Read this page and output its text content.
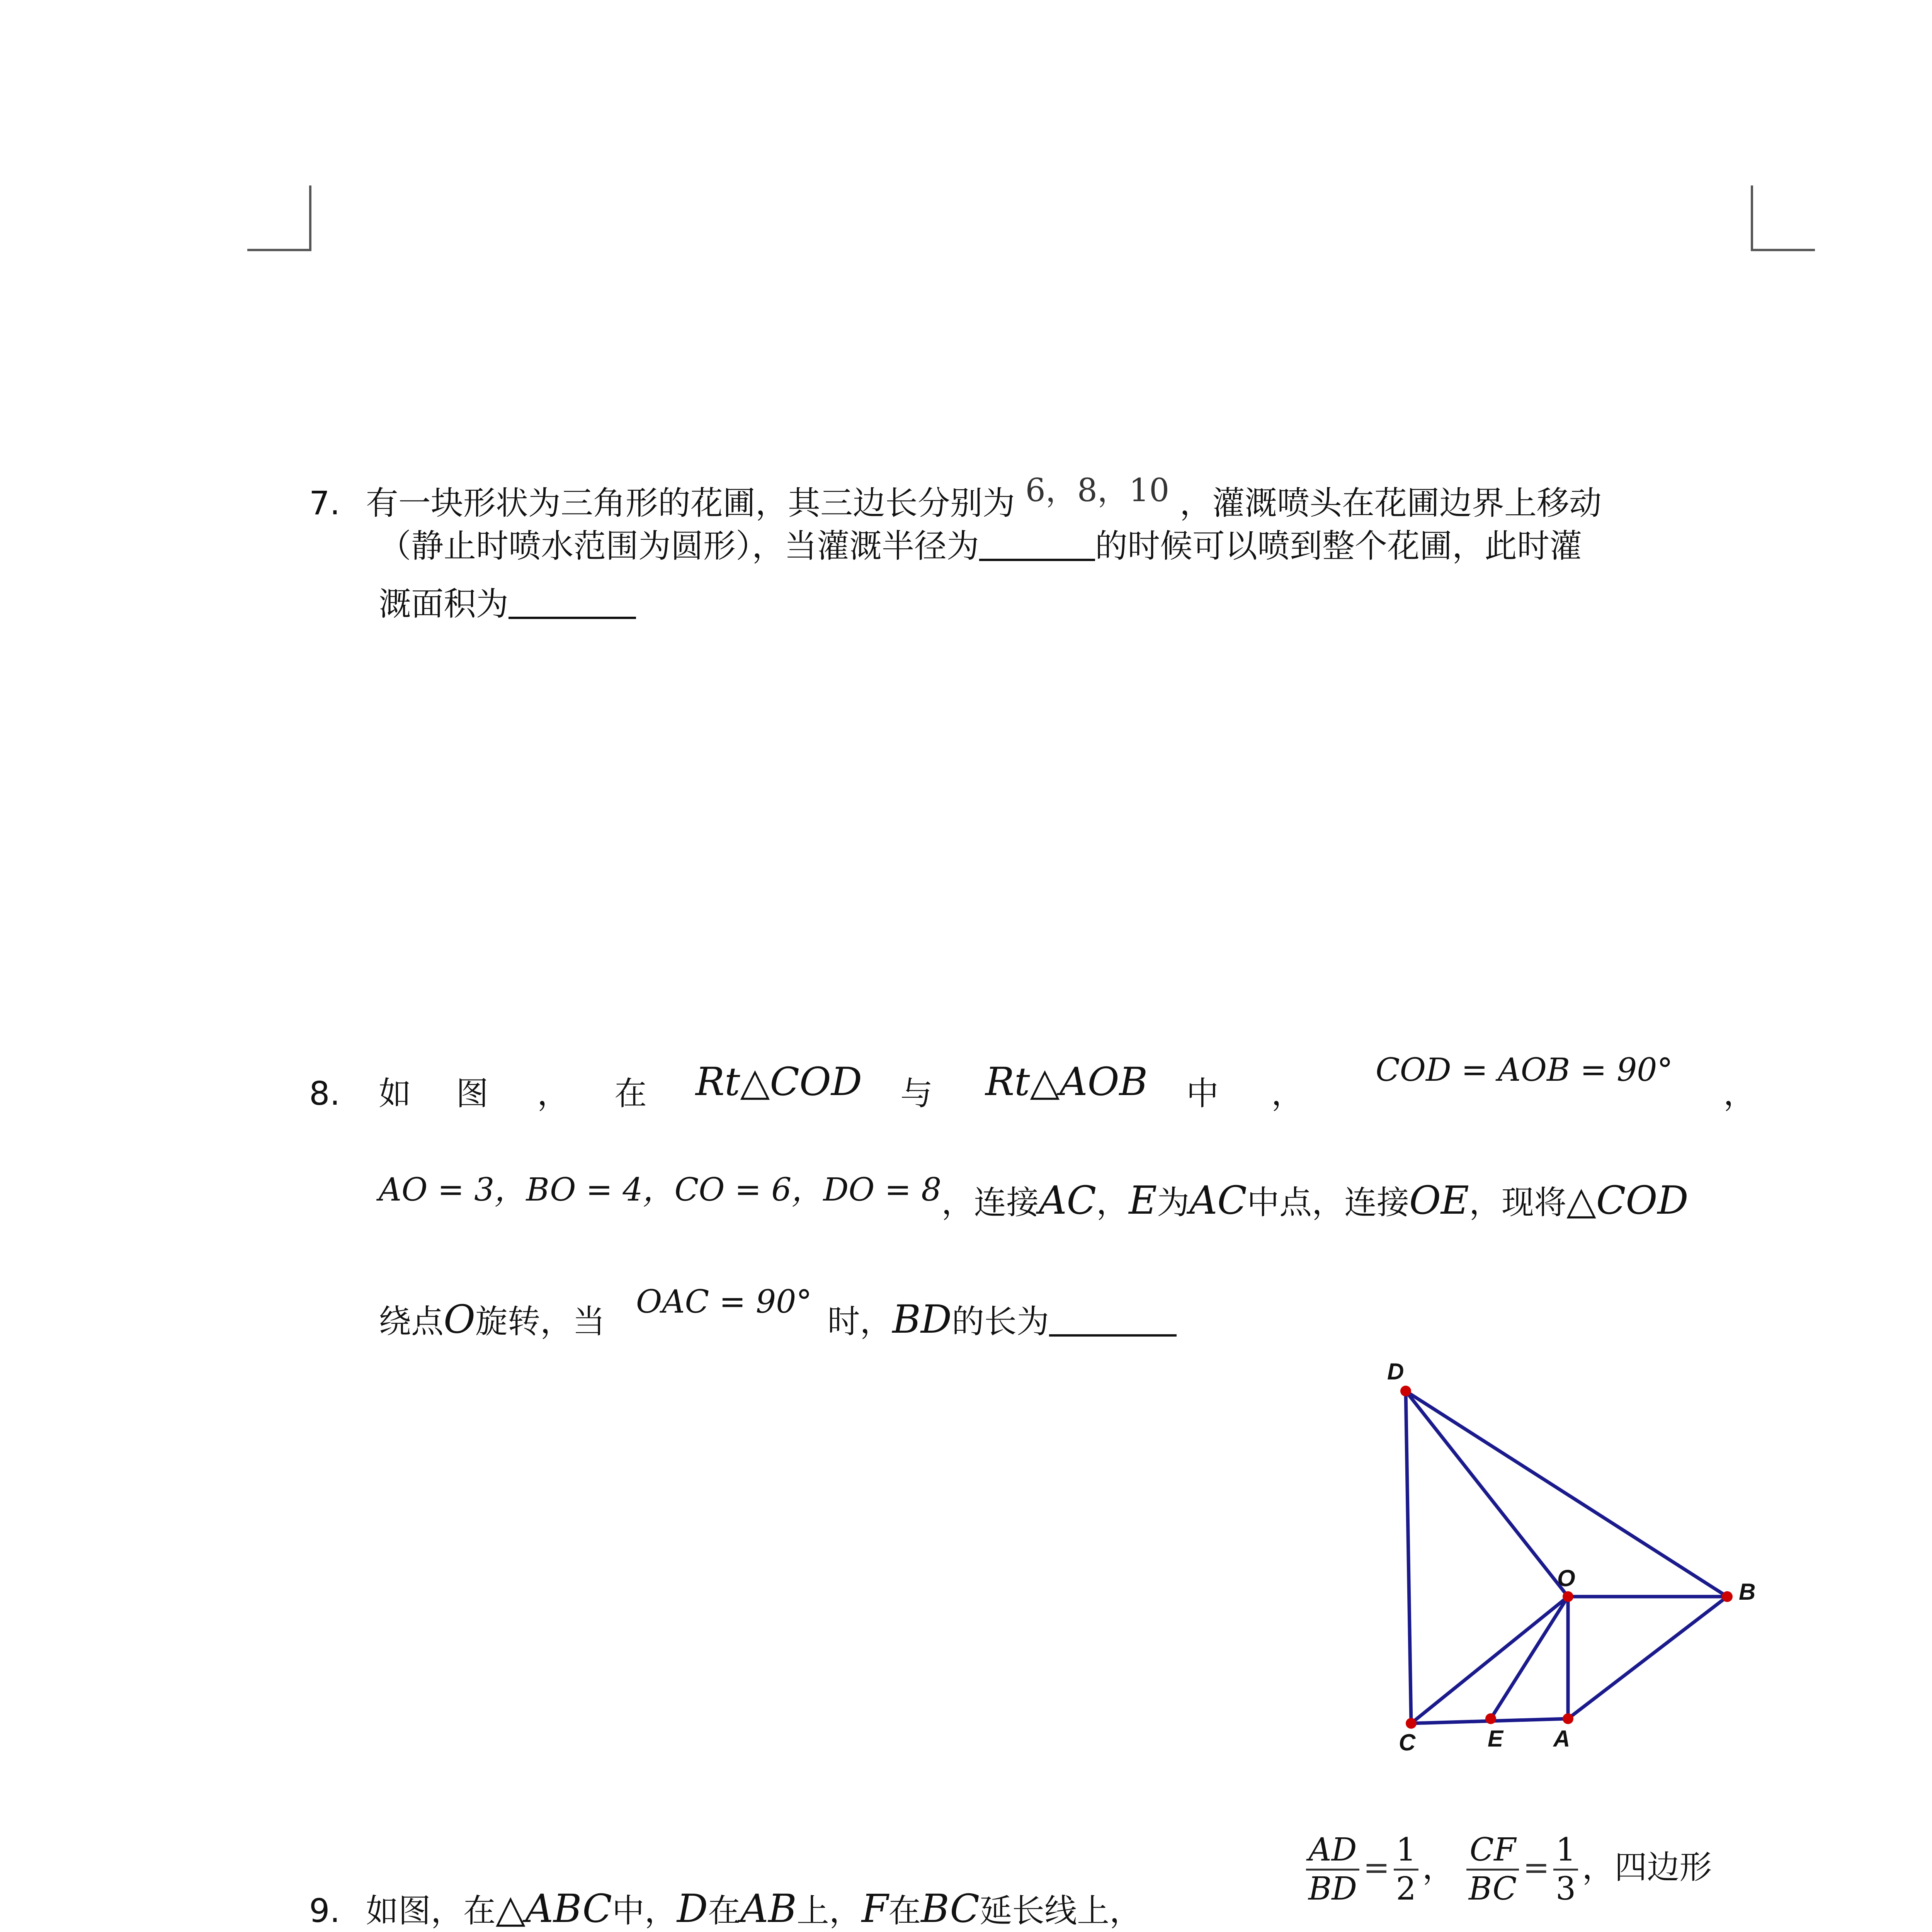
7. 有一块形状为三角形的花圃，其三边长分别为 6，8，10 ，灌溉喷头在花圃边界上移动
（静止时喷水范围为圆形），当灌溉半径为	的时候可以喷到整个花圃，此时灌
溉面积为
8. 如 图 ， 在 Rt△COD 与 Rt△AOB 中 ，
COD = AOB = 90°
，
AO = 3，BO = 4，CO = 6，DO = 8，连接AC，E为AC中点，连接OE，现将△COD
绕点O旋转，当OAC = 90°时，BD的长为
D
O
B
C	E A
9. 如图，在△ABC中，D在AB上，F在BC延长线上，
AD
BD
= 1
2
， CF
BC
= 1
3
，四边形
